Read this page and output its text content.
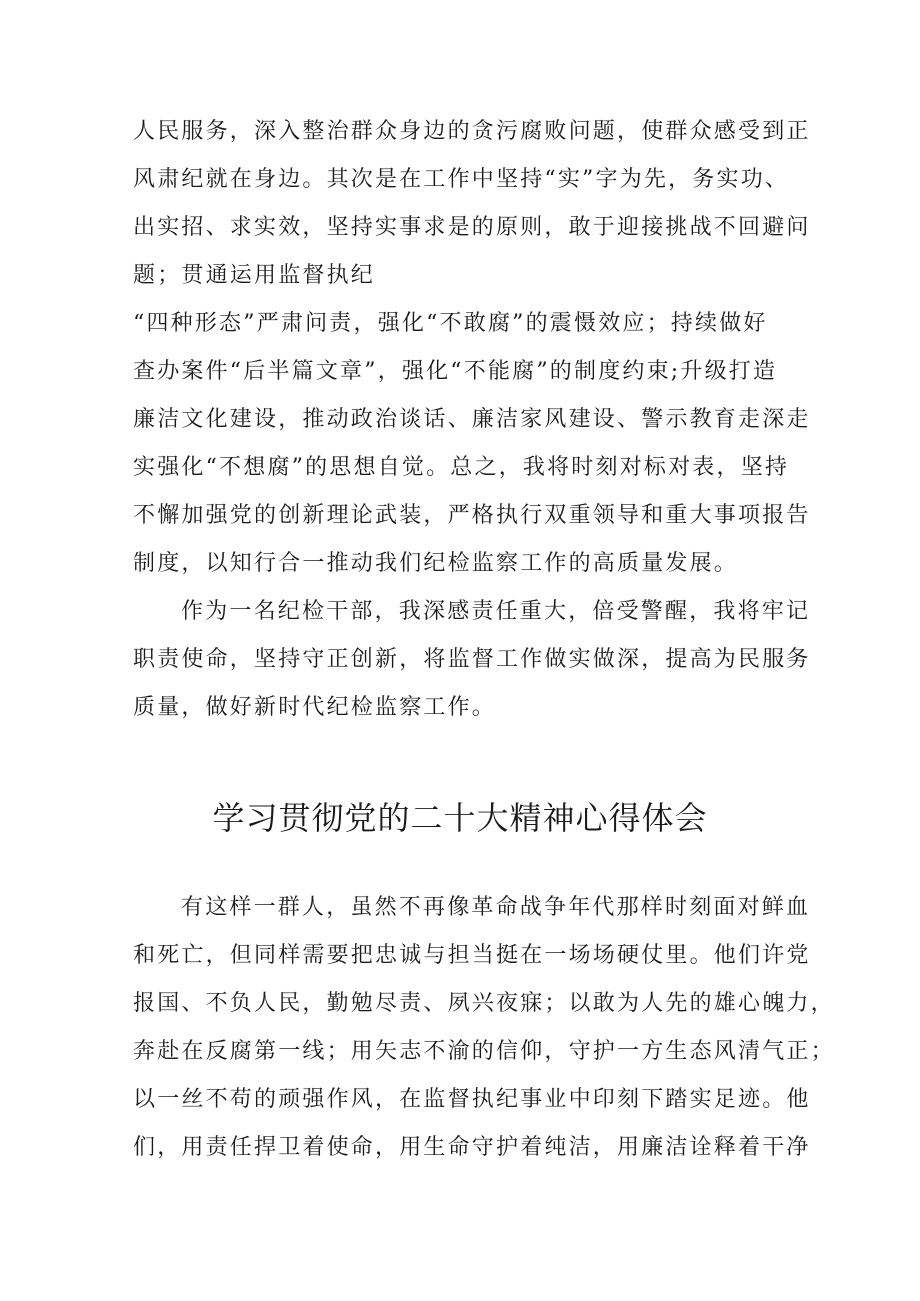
人民服务，深入整治群众身边的贪污腐败问题，使群众感受到正
风肃纪就在身边。其次是在工作中坚持“实”字为先，务实功、
出实招、求实效，坚持实事求是的原则，敢于迎接挑战不回避问
题；贯通运用监督执纪
“四种形态”严肃问责，强化“不敢腐”的震慑效应；持续做好
查办案件“后半篇文章”，强化“不能腐”的制度约束;升级打造
廉洁文化建设，推动政治谈话、廉洁家风建设、警示教育走深走
实强化“不想腐”的思想自觉。总之，我将时刻对标对表，坚持
不懈加强党的创新理论武装，严格执行双重领导和重大事项报告
制度，以知行合一推动我们纪检监察工作的高质量发展。
作为一名纪检干部，我深感责任重大，倍受警醒，我将牢记
职责使命，坚持守正创新，将监督工作做实做深，提高为民服务
质量，做好新时代纪检监察工作。
学习贯彻党的二十大精神心得体会
有这样一群人，虽然不再像革命战争年代那样时刻面对鲜血
和死亡，但同样需要把忠诚与担当挺在一场场硬仗里。他们许党
报国、不负人民，勤勉尽责、夙兴夜寐；以敢为人先的雄心魄力，
奔赴在反腐第一线；用矢志不渝的信仰，守护一方生态风清气正；
以一丝不苟的顽强作风，在监督执纪事业中印刻下踏实足迹。他
们，用责任捍卫着使命，用生命守护着纯洁，用廉洁诠释着干净
